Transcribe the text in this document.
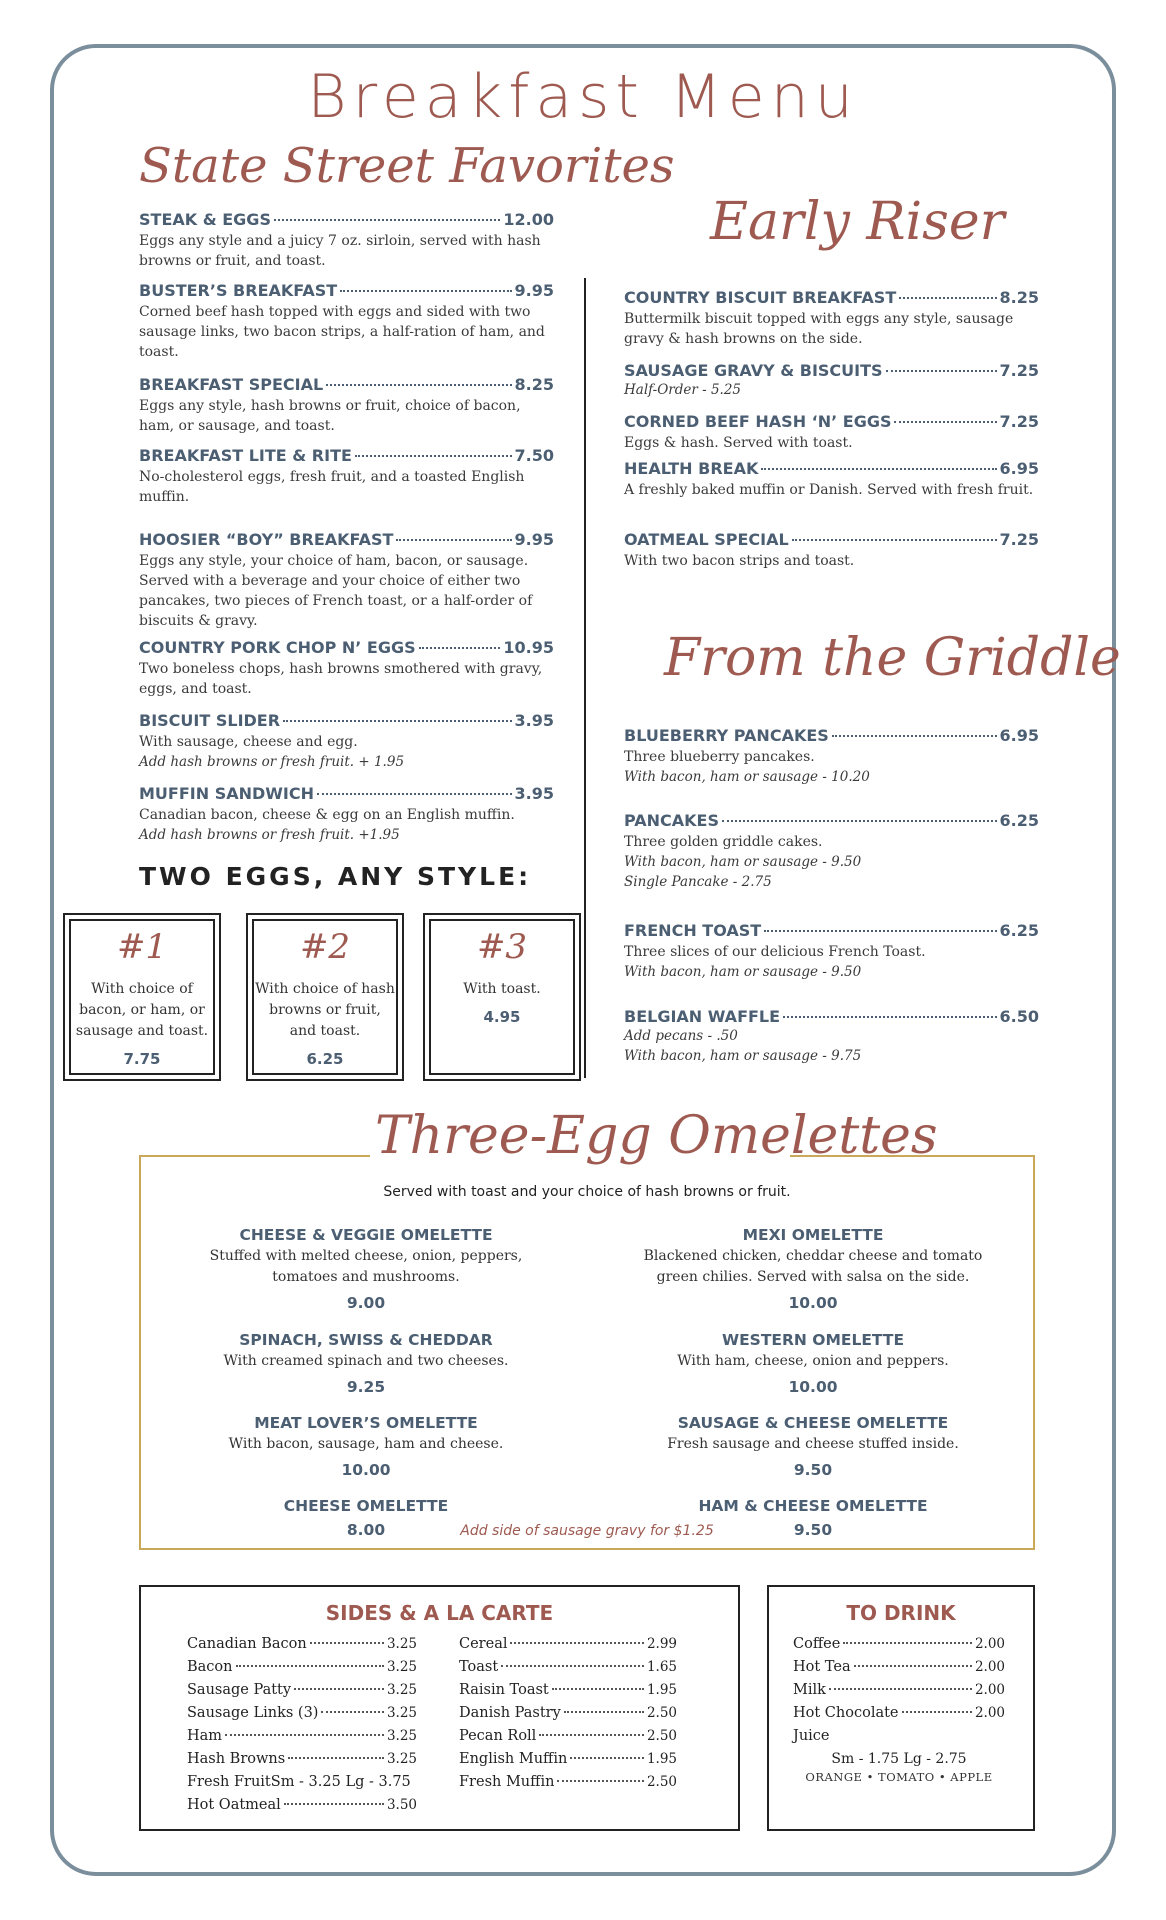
Breakfast Menu
State Street Favorites
STEAK & EGGS	12.00
Eggs any style and a juicy 7 oz. sirloin, served with hash browns or fruit, and toast.
BUSTER’S BREAKFAST	9.95
Corned beef hash topped with eggs and sided with two sausage links, two bacon strips, a half-ration of ham, and toast.
BREAKFAST SPECIAL	8.25
Eggs any style, hash browns or fruit, choice of bacon, ham, or sausage, and toast.
BREAKFAST LITE & RITE	7.50
No-cholesterol eggs, fresh fruit, and a toasted English muffin.
HOOSIER “BOY” BREAKFAST	9.95
Eggs any style, your choice of ham, bacon, or sausage. Served with a beverage and your choice of either two pancakes, two pieces of French toast, or a half-order of biscuits & gravy.
COUNTRY PORK CHOP N’ EGGS	10.95
Two boneless chops, hash browns smothered with gravy, eggs, and toast.
BISCUIT SLIDER	3.95
With sausage, cheese and egg.
Add hash browns or fresh fruit. + 1.95
MUFFIN SANDWICH	3.95
Canadian bacon, cheese & egg on an English muffin.
Add hash browns or fresh fruit. +1.95
TWO EGGS, ANY STYLE:
#1
With choice of bacon, or ham, or sausage and toast.
7.75
#2
With choice of hash browns or fruit, and toast.
6.25
#3
With toast.
4.95
Early Riser
COUNTRY BISCUIT BREAKFAST	8.25
Buttermilk biscuit topped with eggs any style, sausage gravy & hash browns on the side.
SAUSAGE GRAVY & BISCUITS	7.25
Half-Order - 5.25
CORNED BEEF HASH ‘N’ EGGS	7.25
Eggs & hash. Served with toast.
HEALTH BREAK	6.95
A freshly baked muffin or Danish. Served with fresh fruit.
OATMEAL SPECIAL	7.25
With two bacon strips and toast.
From the Griddle
BLUEBERRY PANCAKES	6.95
Three blueberry pancakes.
With bacon, ham or sausage - 10.20
PANCAKES	6.25
Three golden griddle cakes.
With bacon, ham or sausage - 9.50
Single Pancake - 2.75
FRENCH TOAST	6.25
Three slices of our delicious French Toast.
With bacon, ham or sausage - 9.50
BELGIAN WAFFLE	6.50
Add pecans - .50
With bacon, ham or sausage - 9.75
Three-Egg Omelettes
Served with toast and your choice of hash browns or fruit.
CHEESE & VEGGIE OMELETTE
Stuffed with melted cheese, onion, peppers, tomatoes and mushrooms.
9.00
MEXI OMELETTE
Blackened chicken, cheddar cheese and tomato green chilies. Served with salsa on the side.
10.00
SPINACH, SWISS & CHEDDAR
With creamed spinach and two cheeses.
9.25
WESTERN OMELETTE
With ham, cheese, onion and peppers.
10.00
MEAT LOVER’S OMELETTE
With bacon, sausage, ham and cheese.
10.00
SAUSAGE & CHEESE OMELETTE
Fresh sausage and cheese stuffed inside.
9.50
CHEESE OMELETTE
8.00
HAM & CHEESE OMELETTE
9.50
Add side of sausage gravy for $1.25
SIDES & A LA CARTE
Canadian Bacon	3.25
Bacon	3.25
Sausage Patty	3.25
Sausage Links (3)	3.25
Ham	3.25
Hash Browns	3.25
Fresh FruitSm - 3.25 Lg - 3.75
Hot Oatmeal	3.50
Cereal	2.99
Toast	1.65
Raisin Toast	1.95
Danish Pastry	2.50
Pecan Roll	2.50
English Muffin	1.95
Fresh Muffin	2.50
TO DRINK
Coffee	2.00
Hot Tea	2.00
Milk	2.00
Hot Chocolate	2.00
Juice
Sm - 1.75 Lg - 2.75
ORANGE • TOMATO • APPLE
